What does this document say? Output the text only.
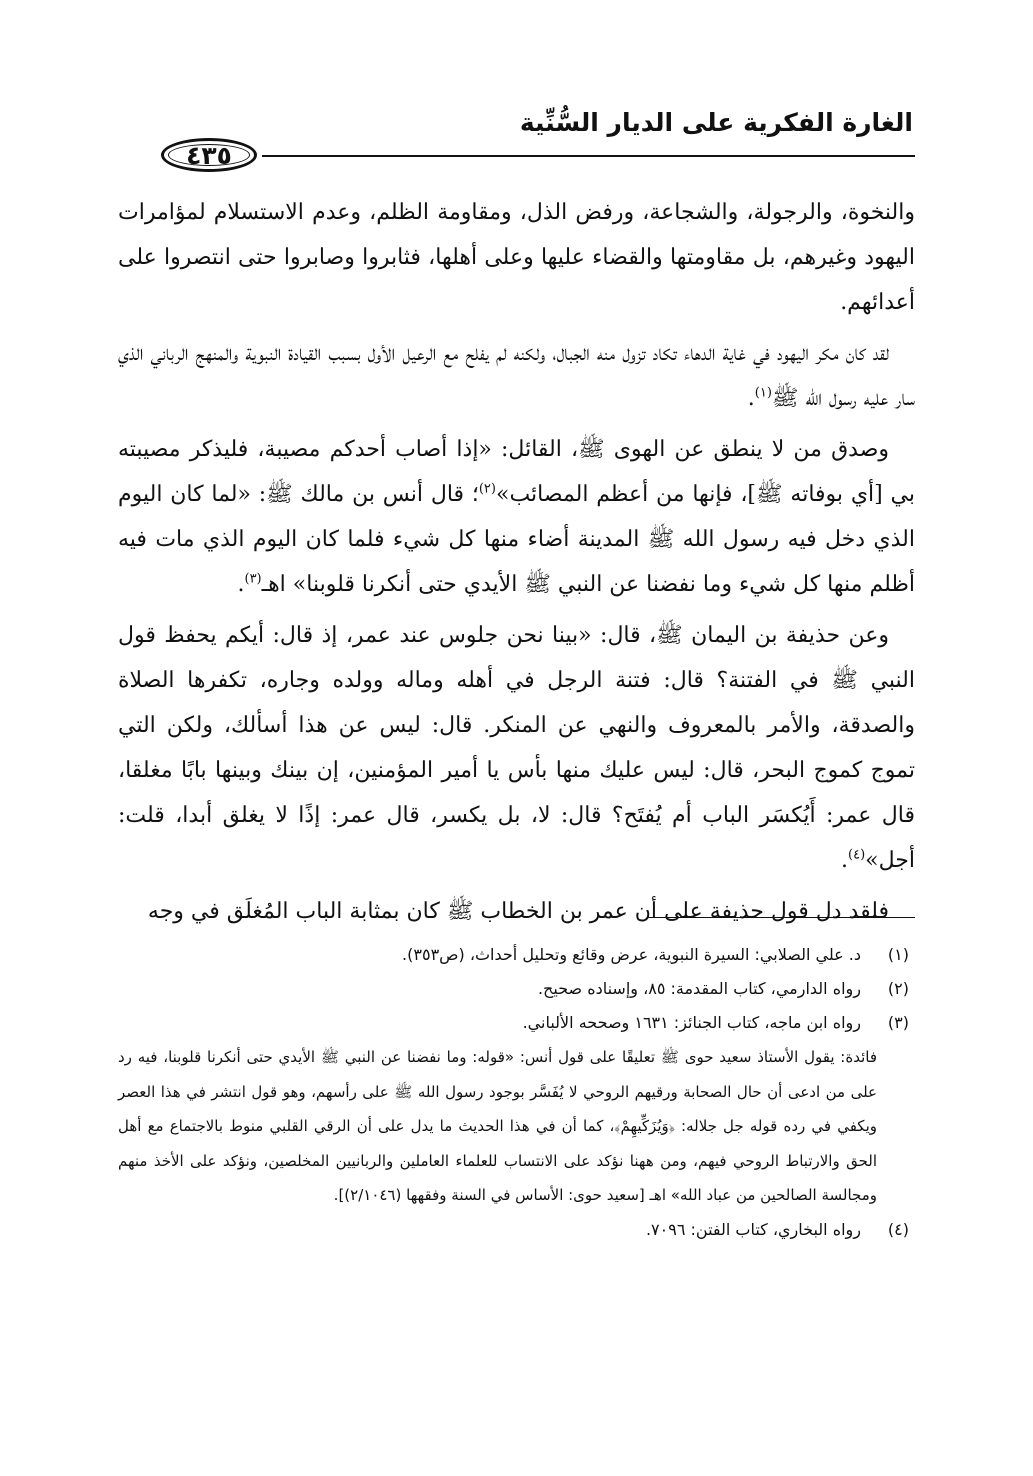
الغارة الفكرية على الديار السُّنِّية
٤٣٥

والنخوة، والرجولة، والشجاعة، ورفض الذل، ومقاومة الظلم، وعدم الاستسلام لمؤامرات اليهود وغيرهم، بل مقاومتها والقضاء عليها وعلى أهلها، فثابروا وصابروا حتى انتصروا على أعدائهم.

لقد كان مكر اليهود في غاية الدهاء تكاد تزول منه الجبال، ولكنه لم يفلح مع الرعيل الأول بسبب القيادة النبوية والمنهج الرباني الذي سار عليه رسول الله ﷺ$^{(١)}$.

وصدق من لا ينطق عن الهوى ﷺ، القائل: «إذا أصاب أحدكم مصيبة، فليذكر مصيبته بي [أي بوفاته ﷺ]، فإنها من أعظم المصائب»$^{(٢)}$؛ قال أنس بن مالك ﷺ: «لما كان اليوم الذي دخل فيه رسول الله ﷺ المدينة أضاء منها كل شيء فلما كان اليوم الذي مات فيه أظلم منها كل شيء وما نفضنا عن النبي ﷺ الأيدي حتى أنكرنا قلوبنا» اهـ$^{(٣)}$.

وعن حذيفة بن اليمان ﷺ، قال: «بينا نحن جلوس عند عمر، إذ قال: أيكم يحفظ قول النبي ﷺ في الفتنة؟ قال: فتنة الرجل في أهله وماله وولده وجاره، تكفرها الصلاة والصدقة، والأمر بالمعروف والنهي عن المنكر. قال: ليس عن هذا أسألك، ولكن التي تموج كموج البحر، قال: ليس عليك منها بأس يا أمير المؤمنين، إن بينك وبينها بابًا مغلقا، قال عمر: أَيُكسَر الباب أم يُفتَح؟ قال: لا، بل يكسر، قال عمر: إذًا لا يغلق أبدا، قلت: أجل»$^{(٤)}$.

فلقد دل قول حذيفة على أن عمر بن الخطاب ﷺ كان بمثابة الباب المُغلَق في وجه

(١)
د. علي الصلابي: السيرة النبوية، عرض وقائع وتحليل أحداث، (ص٣٥٣).
(٢)
رواه الدارمي، كتاب المقدمة: ٨٥، وإسناده صحيح.
(٣)
رواه ابن ماجه، كتاب الجنائز: ١٦٣١ وصححه الألباني.

فائدة: يقول الأستاذ سعيد حوى ﷺ تعليقًا على قول أنس: «قوله: وما نفضنا عن النبي ﷺ الأيدي حتى أنكرنا قلوبنا، فيه رد على من ادعى أن حال الصحابة ورقيهم الروحي لا يُفَسَّر بوجود رسول الله ﷺ على رأسهم، وهو قول انتشر في هذا العصر ويكفي في رده قوله جل جلاله: ﴿وَيُزَكِّيهِمْ﴾، كما أن في هذا الحديث ما يدل على أن الرقي القلبي منوط بالاجتماع مع أهل الحق والارتباط الروحي فيهم، ومن ههنا نؤكد على الانتساب للعلماء العاملين والربانيين المخلصين، ونؤكد على الأخذ منهم ومجالسة الصالحين من عباد الله» اهـ [سعيد حوى: الأساس في السنة وفقهها (٢/١٠٤٦)].

(٤)
رواه البخاري، كتاب الفتن: ٧٠٩٦.
